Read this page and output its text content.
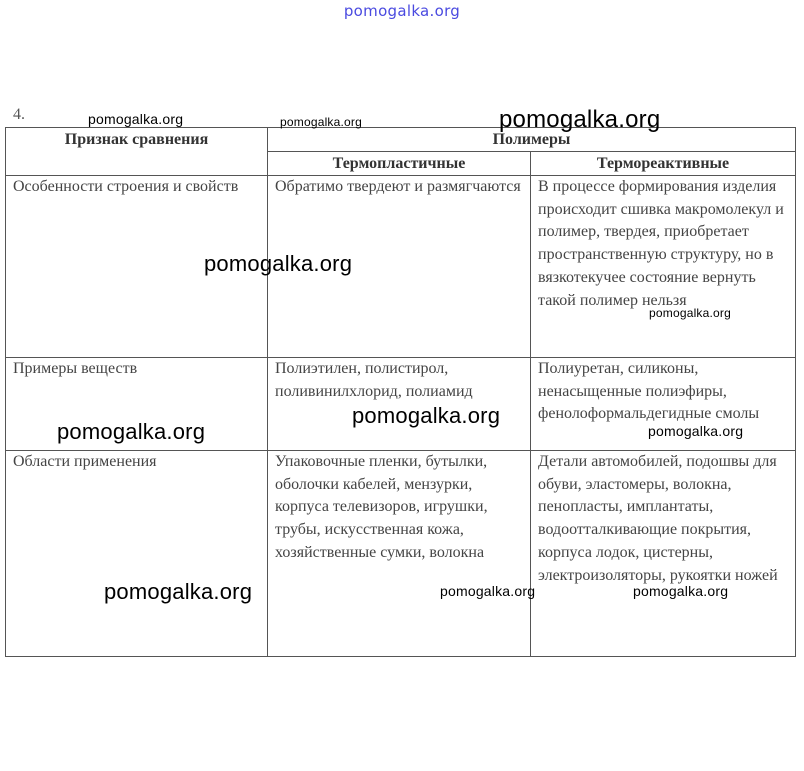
pomogalka.org
4.
Признак сравнения	Полимеры	
	Термопластичные	Термореактивные

Особенности строения и свойств	Обратимо твердеют и размягчаются	В процессе формирования изделия происходит сшивка макромолекул и полимер, твердея, приобретает пространственную структуру, но в вязкотекучее состояние вернуть такой полимер нельзя

Примеры веществ	Полиэтилен, полистирол, поливинилхлорид, полиамид	Полиуретан, силиконы, ненасыщенные полиэфиры, фенолоформальдегидные смолы

Области применения	Упаковочные пленки, бутылки, оболочки кабелей, мензурки, корпуса телевизоров, игрушки, трубы, искусственная кожа, хозяйственные сумки, волокна	Детали автомобилей, подошвы для обуви, эластомеры, волокна, пенопласты, имплантаты, водоотталкивающие покрытия, корпуса лодок, цистерны, электроизоляторы, рукоятки ножей
pomogalka.org	pomogalka.org	pomogalka.org
pomogalka.org
pomogalka.org
pomogalka.org
pomogalka.org	pomogalka.org
pomogalka.org	pomogalka.org	pomogalka.org
